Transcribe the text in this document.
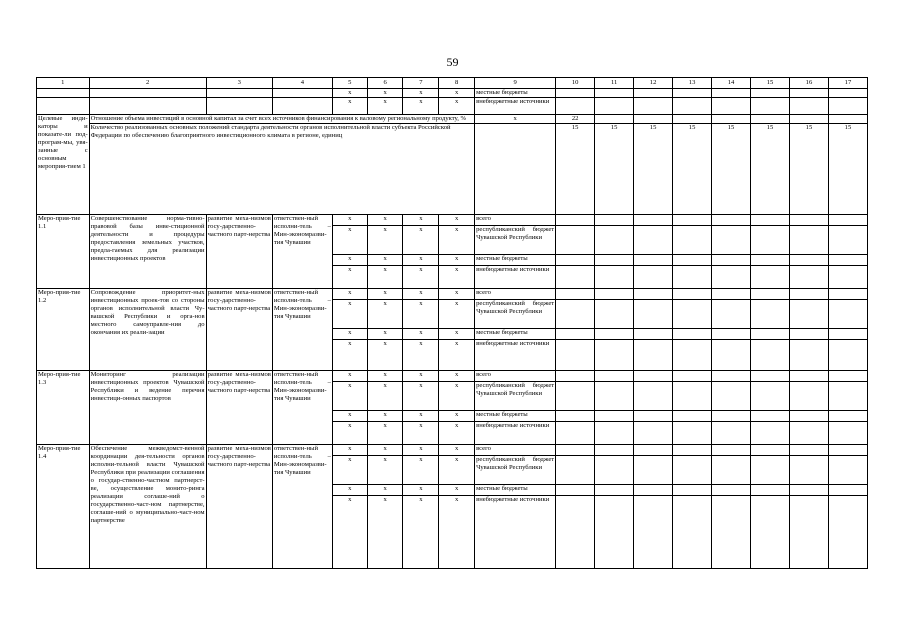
59
1	2	3	4	5	6	7	8	9	10	11	12	13	14	15	16	17
				x	x	x	x	местные бюджеты								
				x	x	x	x	внебюджетные источники								
Целевые инди-каторы и показате-ли под-програм-мы, увя-занные с основным мероприя-тием 1	Отношение объема инвестиций в основной капитал за счет всех источников финансирования к валовому региональному продукту, %							x	22							
	Количество реализованных основных положений стандарта деятельности органов исполнительной власти субъекта Российской Федерации по обеспечению благоприятного инвестиционного климата в регионе, единиц								15	15	15	15	15	15	15	15
Меро-прия-тие 1.1	Совершенствование норма-тивно-правовой базы инве-стиционной деятельности и процедуры предоставления земельных участков, предла-гаемых для реализации инвестиционных проектов	развитие меха-низмов госу-дарственно-частного парт-нерства	ответствен-ный исполни-тель – Мин-экономразви-тия Чувашии	x	x	x	x	всего								
				x	x	x	x	республиканский бюджет Чувашской Республики								
				x	x	x	x	местные бюджеты								
				x	x	x	x	внебюджетные источники								
Меро-прия-тие 1.2	Сопровождение приоритет-ных инвестиционных проек-тов со стороны органов исполнительной власти Чу-вашской Республики и орга-нов местного самоуправле-ния до окончания их реали-зации	развитие меха-низмов госу-дарственно-частного парт-нерства	ответствен-ный исполни-тель – Мин-экономразви-тия Чувашии	x	x	x	x	всего								
				x	x	x	x	республиканский бюджет Чувашской Республики								
				x	x	x	x	местные бюджеты								
				x	x	x	x	внебюджетные источники								
Меро-прия-тие 1.3	Мониторинг реализации инвестиционных проектов Чувашской Республики и ведение перечня инвестици-онных паспортов	развитие меха-низмов госу-дарственно-частного парт-нерства	ответствен-ный исполни-тель – Мин-экономразви-тия Чувашии	x	x	x	x	всего								
				x	x	x	x	республиканский бюджет Чувашской Республики								
				x	x	x	x	местные бюджеты								
				x	x	x	x	внебюджетные источники								
Меро-прия-тие 1.4	Обеспечение межведомст-венной координации дея-тельности органов исполни-тельной власти Чувашской Республики при реализации соглашения о государ-ственно-частном партнерст-ве, осуществление монито-ринга реализации соглаше-ний о государственно-част-ном партнерстве, соглаше-ний о муниципально-част-ном партнерстве	развитие меха-низмов госу-дарственно-частного парт-нерства	ответствен-ный исполни-тель – Мин-экономразви-тия Чувашии	x	x	x	x	всего								
				x	x	x	x	республиканский бюджет Чувашской Республики								
				x	x	x	x	местные бюджеты								
				x	x	x	x	внебюджетные источники								
